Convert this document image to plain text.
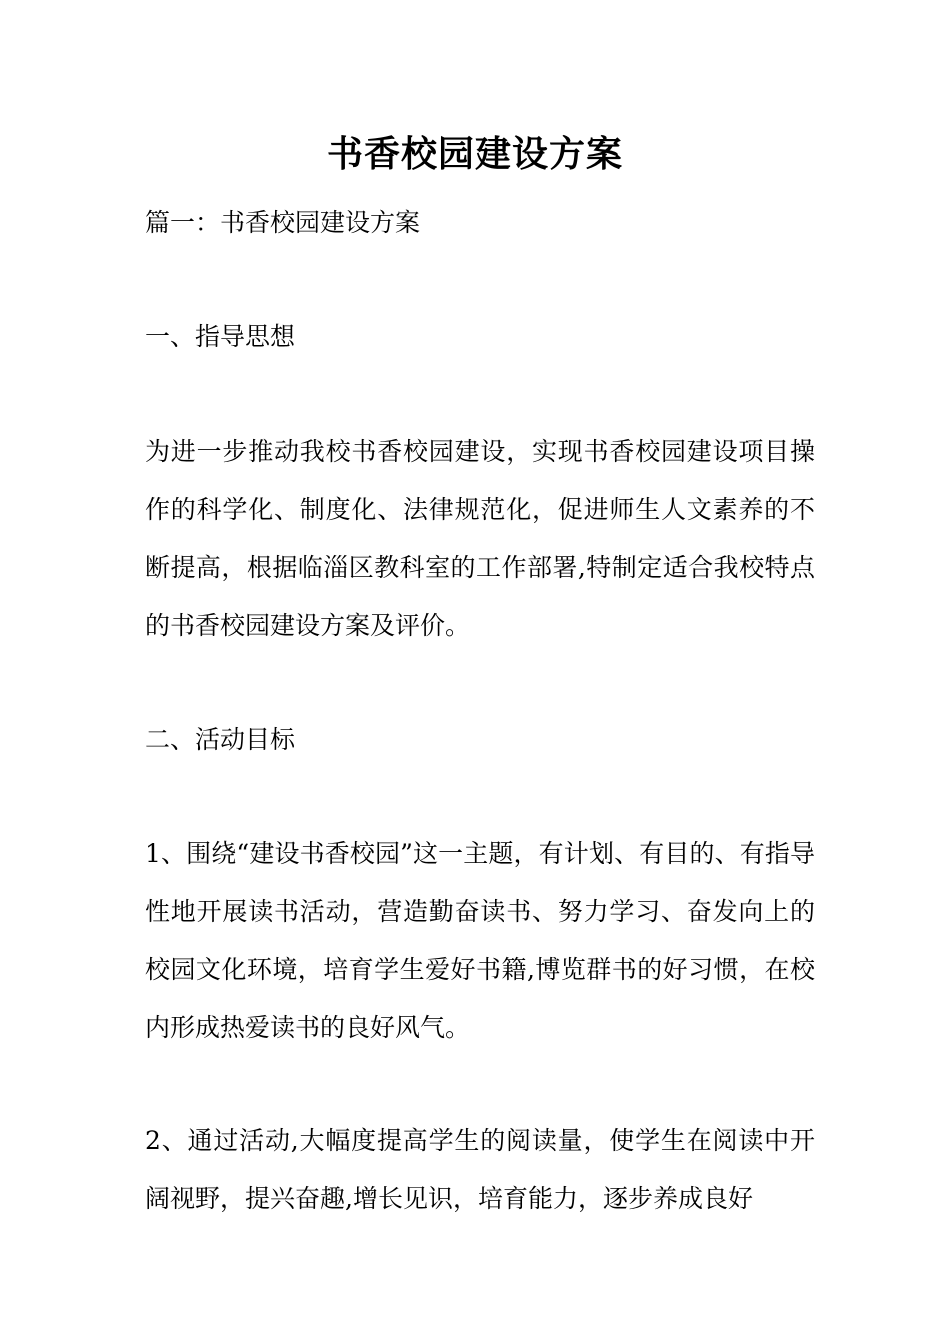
书香校园建设方案
篇一：书香校园建设方案
一、指导思想
为进一步推动我校书香校园建设，实现书香校园建设项目操作的科学化、制度化、法律规范化，促进师生人文素养的不断提高，根据临淄区教科室的工作部署,特制定适合我校特点的书香校园建设方案及评价。
二、活动目标
1、围绕“建设书香校园”这一主题，有计划、有目的、有指导性地开展读书活动，营造勤奋读书、努力学习、奋发向上的校园文化环境，培育学生爱好书籍,博览群书的好习惯，在校内形成热爱读书的良好风气。
2、通过活动,大幅度提高学生的阅读量，使学生在阅读中开阔视野，提兴奋趣,增长见识，培育能力，逐步养成良好
